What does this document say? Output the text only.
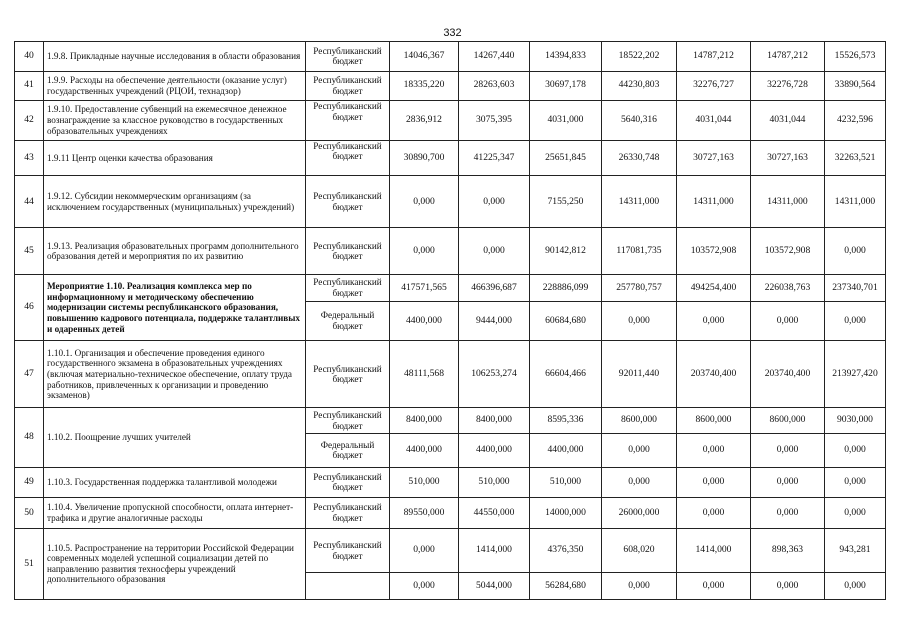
332
40	1.9.8. Прикладные научные исследования в области образования	Республиканский бюджет	14046,367	14267,440	14394,833	18522,202	14787,212	14787,212	15526,573
41	1.9.9. Расходы на обеспечение деятельности (оказание услуг) государственных учреждений (РЦОИ, технадзор)	Республиканский бюджет	18335,220	28263,603	30697,178	44230,803	32276,727	32276,728	33890,564
42	1.9.10. Предоставление субвенций на ежемесячное денежное вознаграждение за классное руководство в государственных образовательных учреждениях	Республиканский бюджет	2836,912	3075,395	4031,000	5640,316	4031,044	4031,044	4232,596
43	1.9.11 Центр оценки качества образования	Республиканский бюджет	30890,700	41225,347	25651,845	26330,748	30727,163	30727,163	32263,521
44	1.9.12. Субсидии некоммерческим организациям (за исключением государственных (муниципальных) учреждений)	Республиканский бюджет	0,000	0,000	7155,250	14311,000	14311,000	14311,000	14311,000
45	1.9.13. Реализация образовательных программ дополнительного образования детей и мероприятия по их развитию	Республиканский бюджет	0,000	0,000	90142,812	117081,735	103572,908	103572,908	0,000
46	Мероприятие 1.10. Реализация комплекса мер по информационному и методическому обеспечению модернизации системы республиканского образования, повышению кадрового потенциала, поддержке талантливых и одаренных детей	Республиканский бюджет	417571,565	466396,687	228886,099	257780,757	494254,400	226038,763	237340,701
		Федеральный бюджет	4400,000	9444,000	60684,680	0,000	0,000	0,000	0,000
47	1.10.1. Организация и обеспечение проведения единого государственного экзамена в образовательных учреждениях (включая материально-техническое обеспечение, оплату труда работников, привлеченных к организации и проведению экзаменов)	Республиканский бюджет	48111,568	106253,274	66604,466	92011,440	203740,400	203740,400	213927,420
48	1.10.2. Поощрение лучших учителей	Республиканский бюджет	8400,000	8400,000	8595,336	8600,000	8600,000	8600,000	9030,000
		Федеральный бюджет	4400,000	4400,000	4400,000	0,000	0,000	0,000	0,000
49	1.10.3. Государственная поддержка талантливой молодежи	Республиканский бюджет	510,000	510,000	510,000	0,000	0,000	0,000	0,000
50	1.10.4. Увеличение пропускной способности, оплата интернет-трафика и другие аналогичные расходы	Республиканский бюджет	89550,000	44550,000	14000,000	26000,000	0,000	0,000	0,000
51	1.10.5. Распространение на территории Российской Федерации современных моделей успешной социализации детей по направлению развития техносферы учреждений дополнительного образования	Республиканский бюджет	0,000	1414,000	4376,350	608,020	1414,000	898,363	943,281
			0,000	5044,000	56284,680	0,000	0,000	0,000	0,000
